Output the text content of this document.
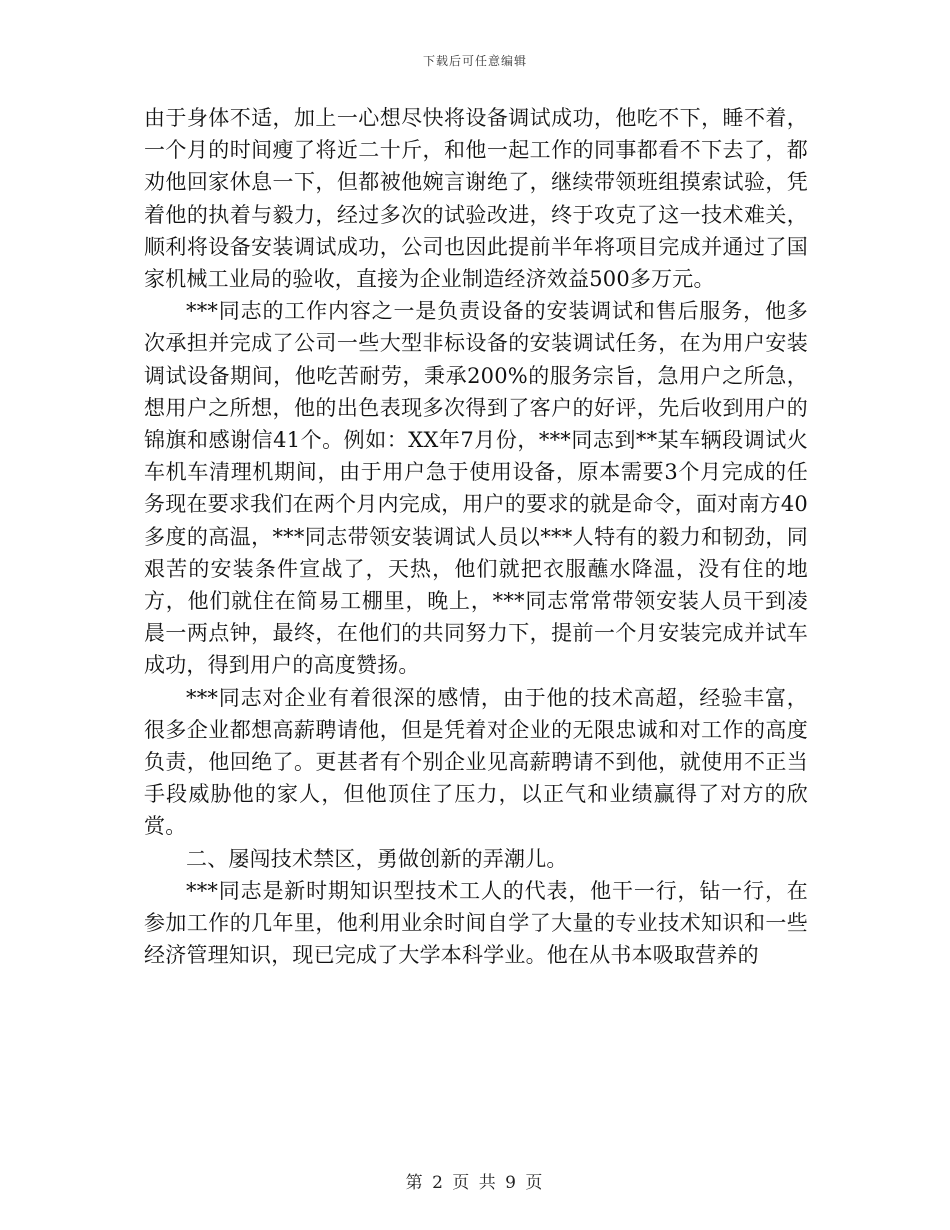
下载后可任意编辑

由于身体不适，加上一心想尽快将设备调试成功，他吃不下，睡不着，一个月的时间瘦了将近二十斤，和他一起工作的同事都看不下去了，都劝他回家休息一下，但都被他婉言谢绝了，继续带领班组摸索试验，凭着他的执着与毅力，经过多次的试验改进，终于攻克了这一技术难关，顺利将设备安装调试成功，公司也因此提前半年将项目完成并通过了国家机械工业局的验收，直接为企业制造经济效益500多万元。

***同志的工作内容之一是负责设备的安装调试和售后服务，他多次承担并完成了公司一些大型非标设备的安装调试任务，在为用户安装调试设备期间，他吃苦耐劳，秉承200%的服务宗旨，急用户之所急，想用户之所想，他的出色表现多次得到了客户的好评，先后收到用户的锦旗和感谢信41个。例如：XX年7月份，***同志到**某车辆段调试火车机车清理机期间，由于用户急于使用设备，原本需要3个月完成的任务现在要求我们在两个月内完成，用户的要求的就是命令，面对南方40多度的高温，***同志带领安装调试人员以***人特有的毅力和韧劲，同艰苦的安装条件宣战了，天热，他们就把衣服蘸水降温，没有住的地方，他们就住在简易工棚里，晚上，***同志常常带领安装人员干到凌晨一两点钟，最终，在他们的共同努力下，提前一个月安装完成并试车成功，得到用户的高度赞扬。

***同志对企业有着很深的感情，由于他的技术高超，经验丰富，很多企业都想高薪聘请他，但是凭着对企业的无限忠诚和对工作的高度负责，他回绝了。更甚者有个别企业见高薪聘请不到他，就使用不正当手段威胁他的家人，但他顶住了压力，以正气和业绩赢得了对方的欣赏。

二、屡闯技术禁区，勇做创新的弄潮儿。

***同志是新时期知识型技术工人的代表，他干一行，钻一行，在参加工作的几年里，他利用业余时间自学了大量的专业技术知识和一些经济管理知识，现已完成了大学本科学业。他在从书本吸取营养的

第 2 页 共 9 页
